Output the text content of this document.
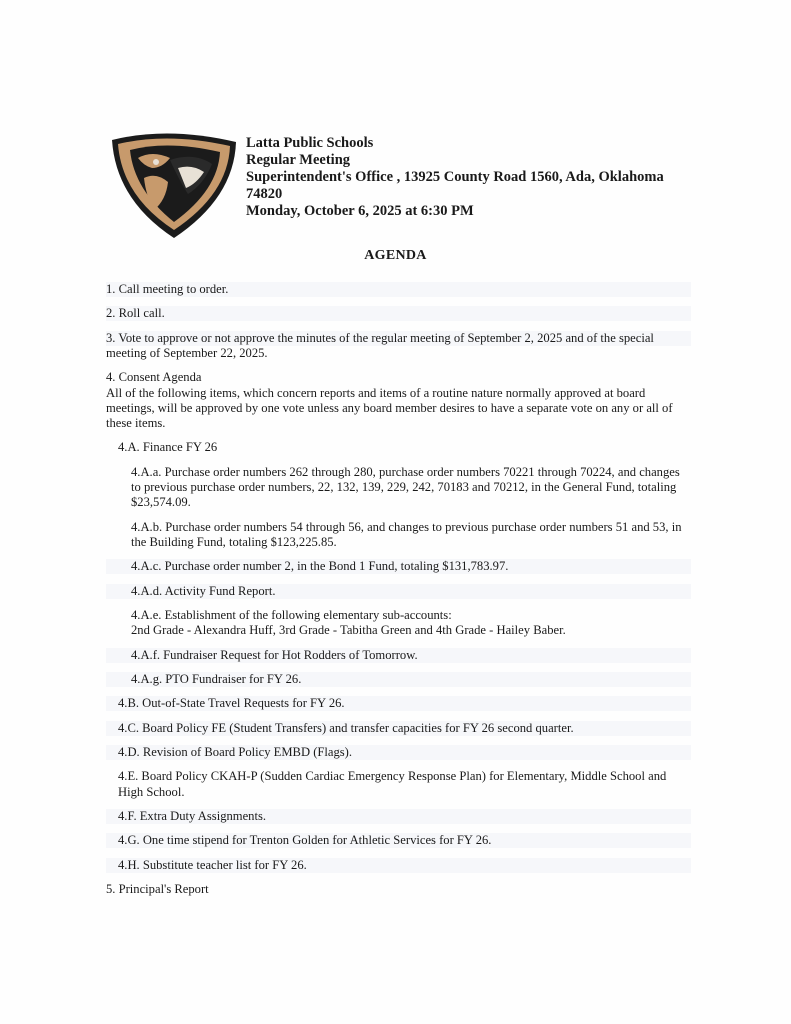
Latta Public Schools
Regular Meeting
Superintendent's Office , 13925 County Road 1560, Ada, Oklahoma
74820
Monday, October 6, 2025 at 6:30 PM
AGENDA
1. Call meeting to order.
2. Roll call.
3. Vote to approve or not approve the minutes of the regular meeting of September 2, 2025 and of the special meeting of September 22, 2025.
4. Consent Agenda
All of the following items, which concern reports and items of a routine nature normally approved at board meetings, will be approved by one vote unless any board member desires to have a separate vote on any or all of these items.
4.A. Finance FY 26
4.A.a. Purchase order numbers 262 through 280, purchase order numbers 70221 through 70224, and changes to previous purchase order numbers, 22, 132, 139, 229, 242, 70183 and 70212, in the General Fund, totaling $23,574.09.
4.A.b. Purchase order numbers 54 through 56, and changes to previous purchase order numbers 51 and 53, in the Building Fund, totaling $123,225.85.
4.A.c. Purchase order number 2, in the Bond 1 Fund, totaling $131,783.97.
4.A.d. Activity Fund Report.
4.A.e. Establishment of the following elementary sub-accounts:
2nd Grade - Alexandra Huff, 3rd Grade - Tabitha Green and 4th Grade - Hailey Baber.
4.A.f. Fundraiser Request for Hot Rodders of Tomorrow.
4.A.g. PTO Fundraiser for FY 26.
4.B. Out-of-State Travel Requests for FY 26.
4.C. Board Policy FE (Student Transfers) and transfer capacities for FY 26 second quarter.
4.D. Revision of Board Policy EMBD (Flags).
4.E. Board Policy CKAH-P (Sudden Cardiac Emergency Response Plan) for Elementary, Middle School and High School.
4.F. Extra Duty Assignments.
4.G. One time stipend for Trenton Golden for Athletic Services for FY 26.
4.H. Substitute teacher list for FY 26.
5. Principal's Report
